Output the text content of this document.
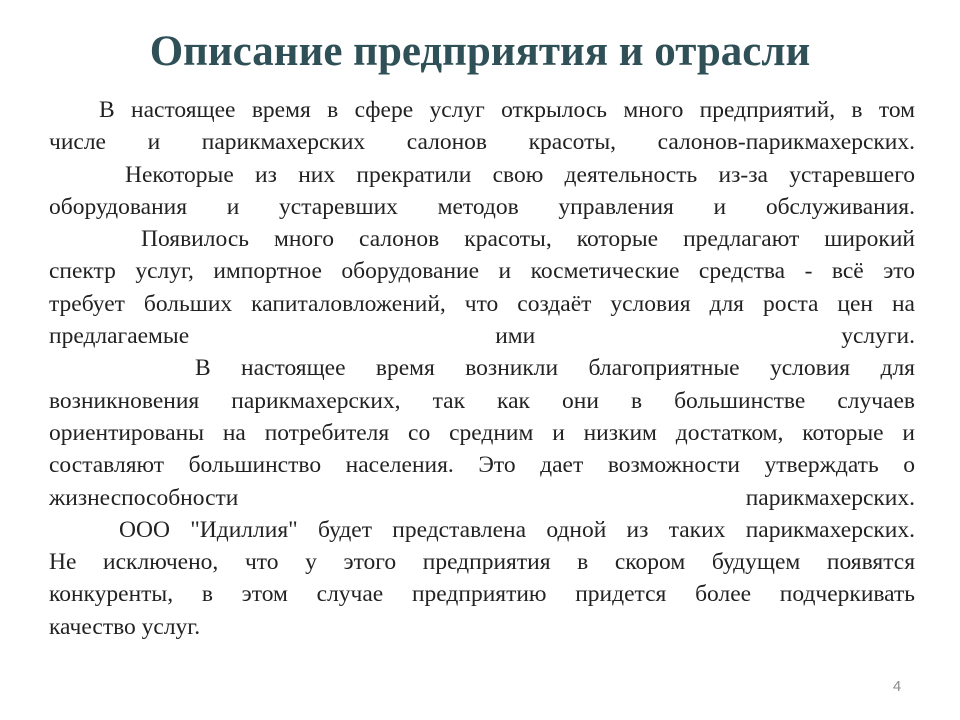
Описание предприятия и отрасли
В настоящее время в сфере услуг открылось много предприятий, в том
числе и парикмахерских салонов красоты, салонов-парикмахерских.
Некоторые из них прекратили свою деятельность из-за устаревшего
оборудования и устаревших методов управления и обслуживания.
Появилось много салонов красоты, которые предлагают широкий
спектр услуг, импортное оборудование и косметические средства - всё это
требует больших капиталовложений, что создаёт условия для роста цен на
предлагаемые ими услуги.
В настоящее время возникли благоприятные условия для
возникновения парикмахерских, так как они в большинстве случаев
ориентированы на потребителя со средним и низким достатком, которые и
составляют большинство населения. Это дает возможности утверждать о
жизнеспособности парикмахерских.
ООО "Идиллия" будет представлена одной из таких парикмахерских.
Не исключено, что у этого предприятия в скором будущем появятся
конкуренты, в этом случае предприятию придется более подчеркивать
качество услуг.
4
